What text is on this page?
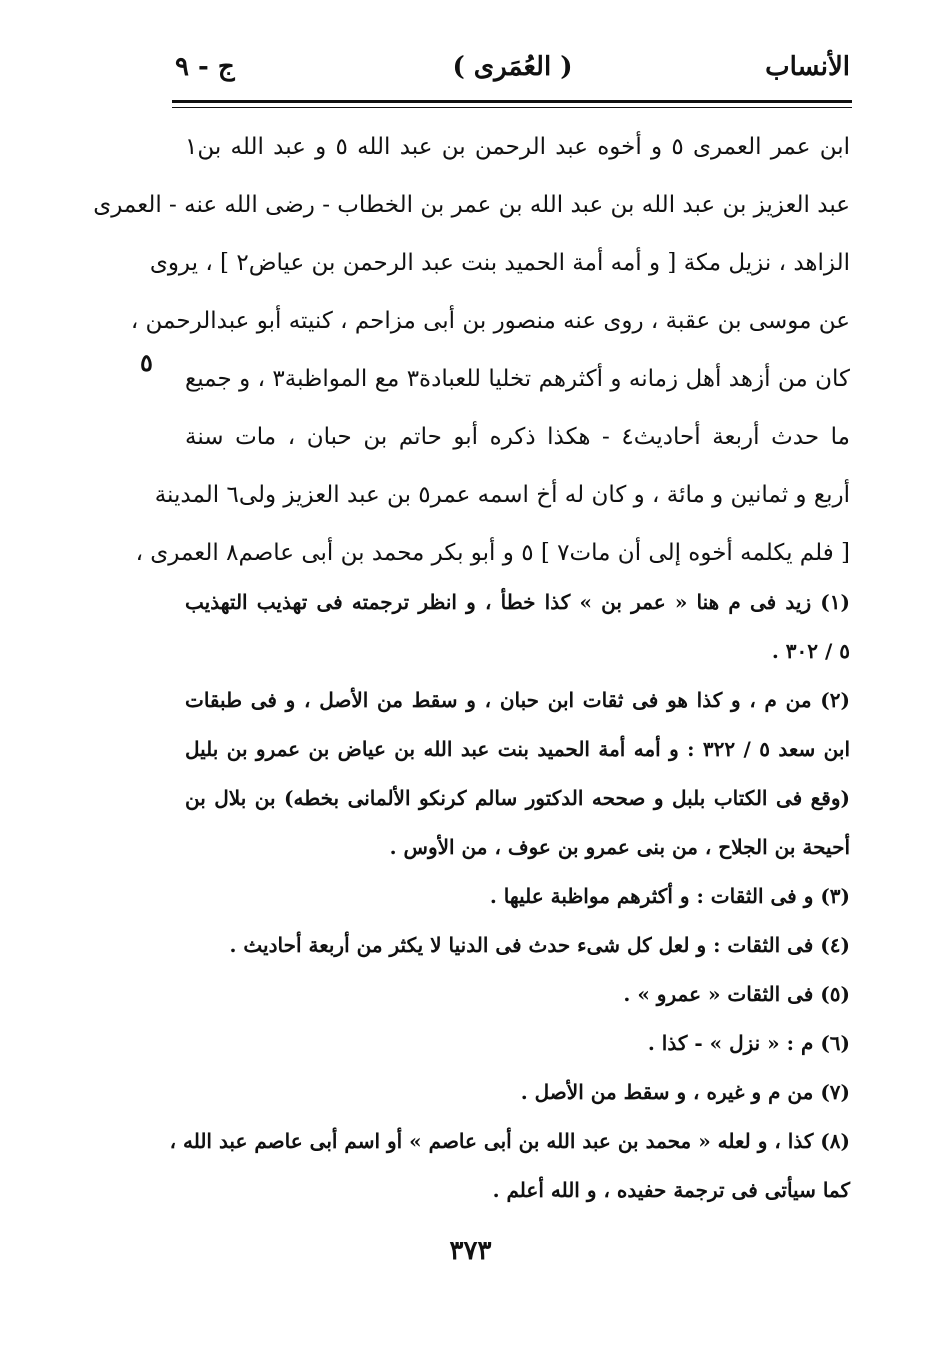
الأنساب
( العُمَرى )
ج - ٩
٥
ابن عمر العمرى ٥ و أخوه عبد الرحمن بن عبد الله ٥ و عبد الله بن١
عبد العزيز بن عبد الله بن عبد الله بن عمر بن الخطاب - رضى الله عنه - العمرى
الزاهد ، نزيل مكة [ و أمه أمة الحميد بنت عبد الرحمن بن عياض٢ ] ، يروى
عن موسى بن عقبة ، روى عنه منصور بن أبى مزاحم ، كنيته أبو عبدالرحمن ،
كان من أزهد أهل زمانه و أكثرهم تخليا للعبادة٣ مع المواظبة٣ ، و جميع
ما حدث أربعة أحاديث٤ - هكذا ذكره أبو حاتم بن حبان ، مات سنة
أربع و ثمانين و مائة ، و كان له أخ اسمه عمر٥ بن عبد العزيز ولى٦ المدينة
[ فلم يكلمه أخوه إلى أن مات٧ ] ٥ و أبو بكر محمد بن أبى عاصم٨ العمرى ،
(١) زيد فى م هنا « عمر بن » كذا خطأ ، و انظر ترجمته فى تهذيب التهذيب
٥ / ٣٠٢ .
(٢) من م ، و كذا هو فى ثقات ابن حبان ، و سقط من الأصل ، و فى طبقات
ابن سعد ٥ / ٣٢٢ : و أمه أمة الحميد بنت عبد الله بن عياض بن عمرو بن بليل
(وقع فى الكتاب بلبل و صححه الدكتور سالم كرنكو الألمانى بخطه) بن بلال بن
أحيحة بن الجلاح ، من بنى عمرو بن عوف ، من الأوس .
(٣) و فى الثقات : و أكثرهم مواظبة عليها .
(٤) فى الثقات : و لعل كل شىء حدث فى الدنيا لا يكثر من أربعة أحاديث .
(٥) فى الثقات « عمرو » .
(٦) م : « نزل » - كذا .
(٧) من م و غيره ، و سقط من الأصل .
(٨) كذا ، و لعله « محمد بن عبد الله بن أبى عاصم » أو اسم أبى عاصم عبد الله ،
كما سيأتى فى ترجمة حفيده ، و الله أعلم .
٣٧٣
